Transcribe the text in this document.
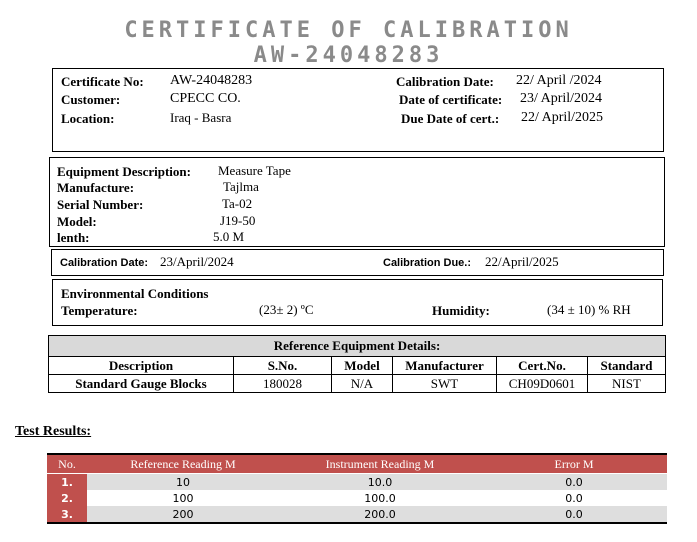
CERTIFICATE OF CALIBRATION
AW-24048283
Certificate No: AW-24048283
Customer:	CPECC CO.
Location:	Iraq - Basra
Calibration Date: 22/ April /2024
Date of certificate: 23/ April/2024
Due Date of cert.: 22/ April/2025
Equipment Description: Measure Tape
Manufacture:	Tajlma
Serial Number:	Ta-02
Model:	J19-50
lenth:	5.0 M
Calibration Date: 23/April/2024	Calibration Due.: 22/April/2025
Environmental Conditions
Temperature:	(23± 2) ºC	Humidity:	(34 ± 10) % RH
Reference Equipment Details:					
Description	S.No.	Model	Manufacturer	Cert.No.	Standard
Standard Gauge Blocks	180028	N/A	SWT	CH09D0601	NIST
Test Results:
No.	Reference Reading M	Instrument Reading M	Error M
1.	10	10.0	0.0
2.	100	100.0	0.0
3.	200	200.0	0.0
